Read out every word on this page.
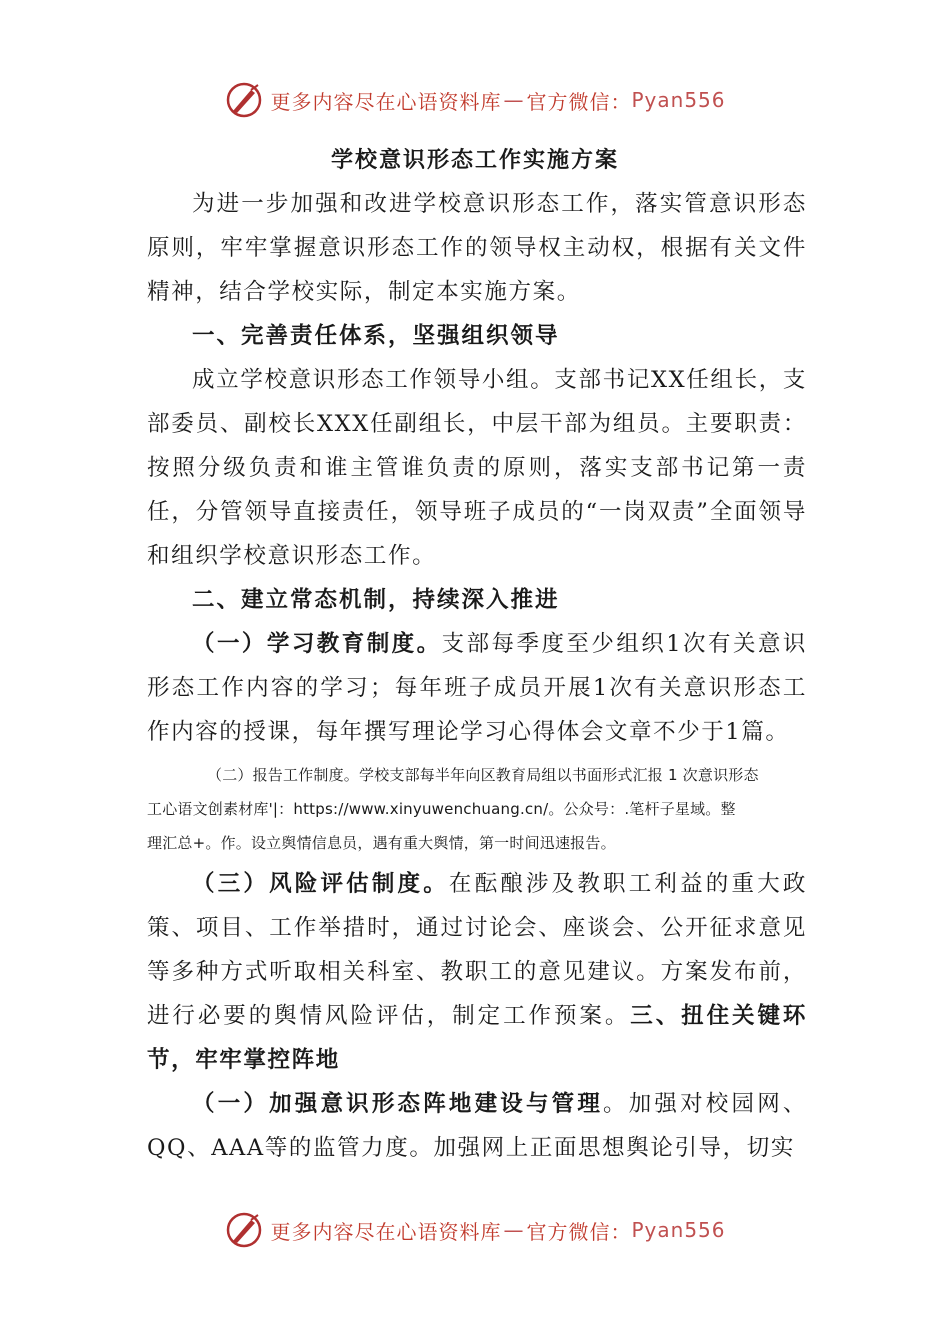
更多内容尽在心语资料库 — 官方微信： Pyan556
学校意识形态工作实施方案

为进一步加强和改进学校意识形态工作，落实管意识形态原则，牢牢掌握意识形态工作的领导权主动权，根据有关文件精神，结合学校实际，制定本实施方案。

一、完善责任体系，坚强组织领导

成立学校意识形态工作领导小组。支部书记XX任组长，支部委员、副校长XXX任副组长，中层干部为组员。主要职责：按照分级负责和谁主管谁负责的原则，落实支部书记第一责任，分管领导直接责任，领导班子成员的“一岗双责”全面领导和组织学校意识形态工作。

二、建立常态机制，持续深入推进

（一）学习教育制度。支部每季度至少组织1次有关意识形态工作内容的学习；每年班子成员开展1次有关意识形态工作内容的授课，每年撰写理论学习心得体会文章不少于1篇。

（二）报告工作制度。学校支部每半年向区教育局组以书面形式汇报 1 次意识形态
工心语文创素材库'|：https://www.xinyuwenchuang.cn/。公众号：.笔杆子星域。整
理汇总+。作。设立舆情信息员，遇有重大舆情，第一时间迅速报告。

（三）风险评估制度。在酝酿涉及教职工利益的重大政策、项目、工作举措时，通过讨论会、座谈会、公开征求意见等多种方式听取相关科室、教职工的意见建议。方案发布前，进行必要的舆情风险评估，制定工作预案。三、扭住关键环节，牢牢掌控阵地

（一）加强意识形态阵地建设与管理。加强对校园网、QQ、AAA等的监管力度。加强网上正面思想舆论引导，切实

更多内容尽在心语资料库 — 官方微信： Pyan556
